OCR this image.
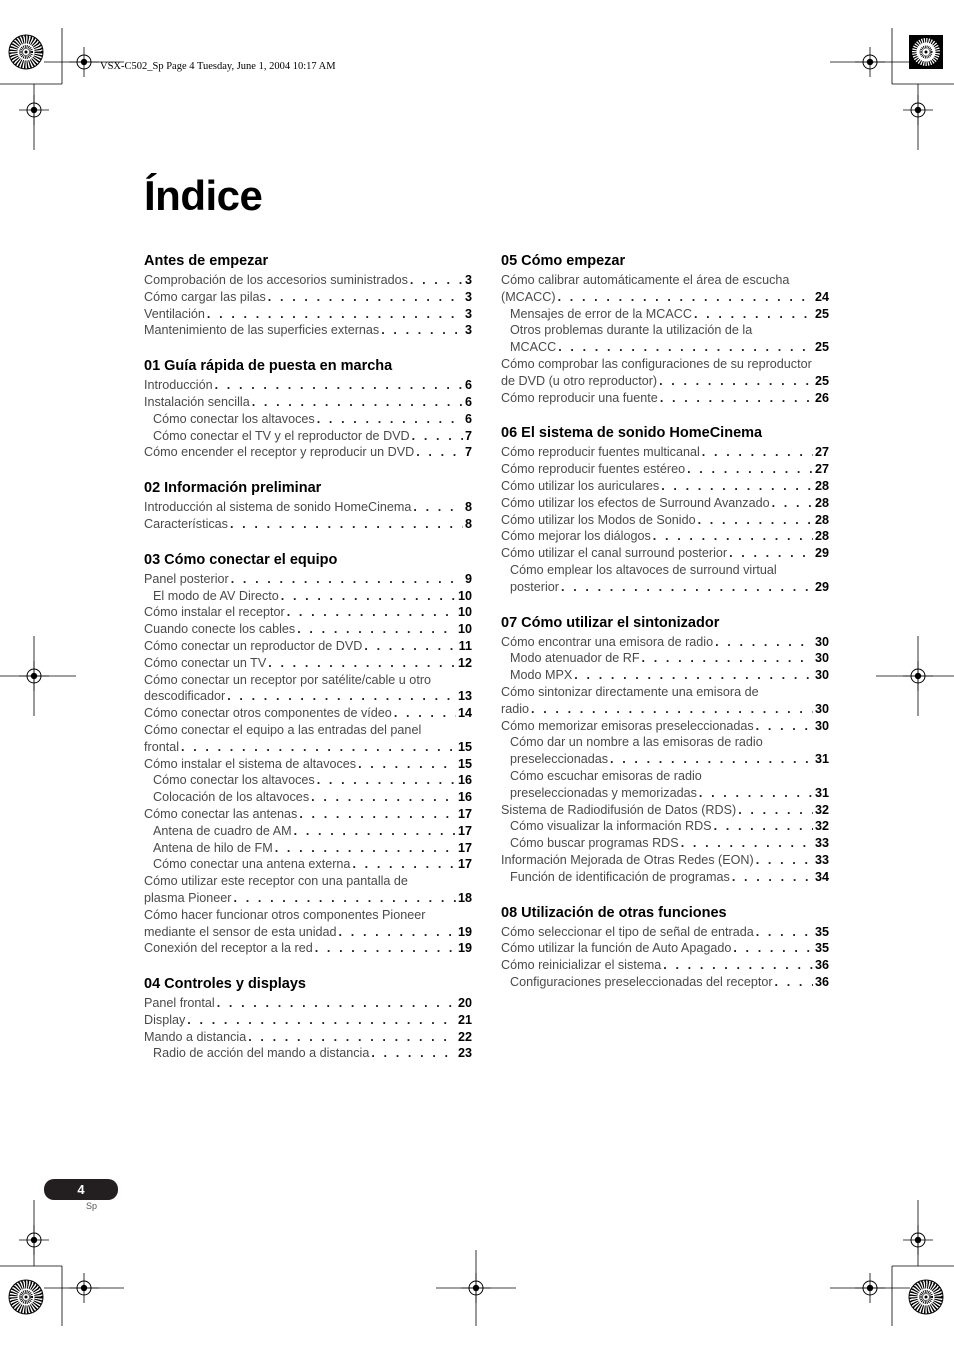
VSX-C502_Sp Page 4 Tuesday, June 1, 2004 10:17 AM
Índice
Antes de empezar
Comprobación de los accesorios suministrados . . .	3
Cómo cargar las pilas . . .	3
Ventilación . . .	3
Mantenimiento de las superficies externas . . .	3
01 Guía rápida de puesta en marcha
Introducción . . .	6
Instalación sencilla . . .	6
Cómo conectar los altavoces . . .	6
Cómo conectar el TV y el reproductor de DVD . . .	7
Cómo encender el receptor y reproducir un DVD . . .	7
02 Información preliminar
Introducción al sistema de sonido HomeCinema . . .	8
Características . . .	8
03 Cómo conectar el equipo
Panel posterior . . .	9
El modo de AV Directo . . .	10
Cómo instalar el receptor . . .	10
Cuando conecte los cables . . .	10
Cómo conectar un reproductor de DVD . . .	11
Cómo conectar un TV . . .	12
Cómo conectar un receptor por satélite/cable u otro
descodificador . . .	13
Cómo conectar otros componentes de vídeo . . .	14
Cómo conectar el equipo a las entradas del panel
frontal . . .	15
Cómo instalar el sistema de altavoces . . .	15
Cómo conectar los altavoces . . .	16
Colocación de los altavoces . . .	16
Cómo conectar las antenas . . .	17
Antena de cuadro de AM . . .	17
Antena de hilo de FM . . .	17
Cómo conectar una antena externa . . .	17
Cómo utilizar este receptor con una pantalla de
plasma Pioneer . . .	18
Cómo hacer funcionar otros componentes Pioneer
mediante el sensor de esta unidad . . .	19
Conexión del receptor a la red . . .	19
04 Controles y displays
Panel frontal . . .	20
Display . . .	21
Mando a distancia . . .	22
Radio de acción del mando a distancia . . .	23
05 Cómo empezar
Cómo calibrar automáticamente el área de escucha
(MCACC) . . .	24
Mensajes de error de la MCACC . . .	25
Otros problemas durante la utilización de la
MCACC . . .	25
Cómo comprobar las configuraciones de su reproductor
de DVD (u otro reproductor) . . .	25
Cómo reproducir una fuente . . .	26
06 El sistema de sonido HomeCinema
Cómo reproducir fuentes multicanal . . .	27
Cómo reproducir fuentes estéreo . . .	27
Cómo utilizar los auriculares . . .	28
Cómo utilizar los efectos de Surround Avanzado . . .	28
Cómo utilizar los Modos de Sonido . . .	28
Cómo mejorar los diálogos . . .	28
Cómo utilizar el canal surround posterior . . .	29
Cómo emplear los altavoces de surround virtual
posterior . . .	29
07 Cómo utilizar el sintonizador
Cómo encontrar una emisora de radio . . .	30
Modo atenuador de RF . . .	30
Modo MPX . . .	30
Cómo sintonizar directamente una emisora de
radio . . .	30
Cómo memorizar emisoras preseleccionadas . . .	30
Cómo dar un nombre a las emisoras de radio
preseleccionadas . . .	31
Cómo escuchar emisoras de radio
preseleccionadas y memorizadas . . .	31
Sistema de Radiodifusión de Datos (RDS) . . .	32
Cómo visualizar la información RDS . . .	32
Cómo buscar programas RDS . . .	33
Información Mejorada de Otras Redes (EON) . . .	33
Función de identificación de programas . . .	34
08 Utilización de otras funciones
Cómo seleccionar el tipo de señal de entrada . . .	35
Cómo utilizar la función de Auto Apagado . . .	35
Cómo reinicializar el sistema . . .	36
Configuraciones preseleccionadas del receptor . . .	36
4
Sp
